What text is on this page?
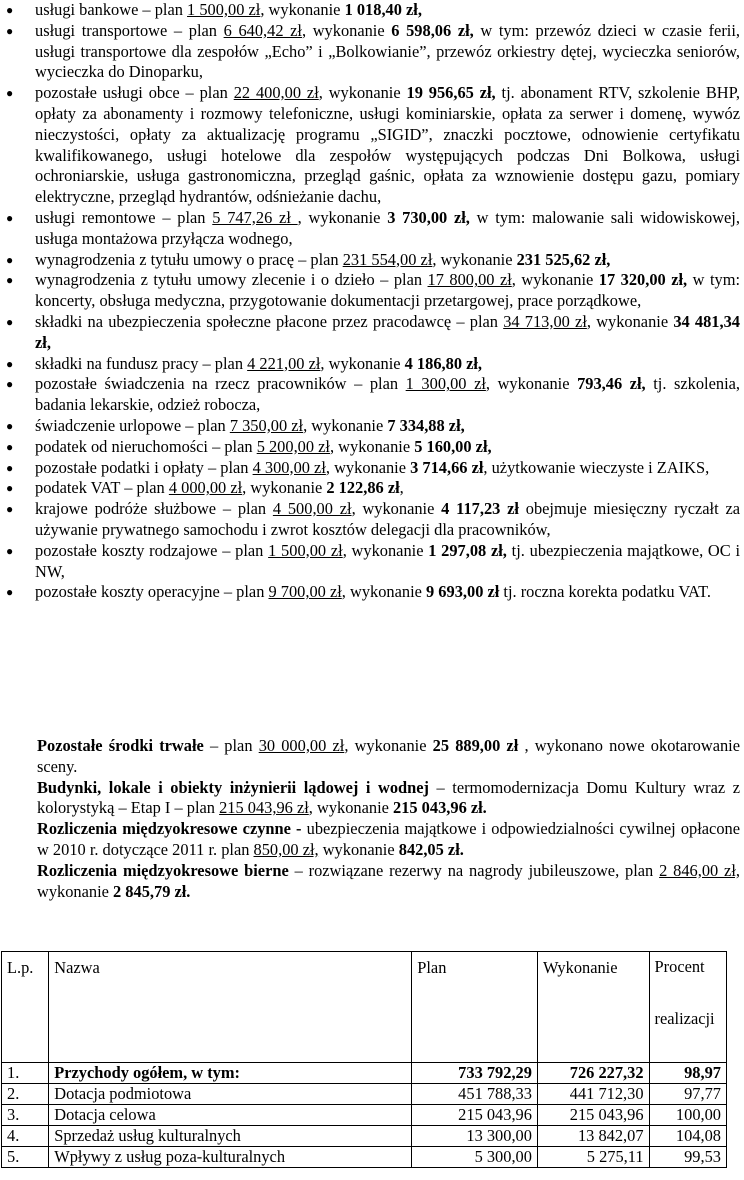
● usługi bankowe – plan 1 500,00 zł, wykonanie 1 018,40 zł,
● usługi transportowe – plan 6 640,42 zł, wykonanie 6 598,06 zł, w tym: przewóz dzieci w czasie ferii, usługi transportowe dla zespołów „Echo” i „Bolkowianie”, przewóz orkiestry dętej, wycieczka seniorów, wycieczka do Dinoparku,
● pozostałe usługi obce – plan 22 400,00 zł, wykonanie 19 956,65 zł, tj. abonament RTV, szkolenie BHP, opłaty za abonamenty i rozmowy telefoniczne, usługi kominiarskie, opłata za serwer i domenę, wywóz nieczystości, opłaty za aktualizację programu „SIGID”, znaczki pocztowe, odnowienie certyfikatu kwalifikowanego, usługi hotelowe dla zespołów występujących podczas Dni Bolkowa, usługi ochroniarskie, usługa gastronomiczna, przegląd gaśnic, opłata za wznowienie dostępu gazu, pomiary elektryczne, przegląd hydrantów, odśnieżanie dachu,
● usługi remontowe – plan 5 747,26 zł , wykonanie 3 730,00 zł, w tym: malowanie sali widowiskowej, usługa montażowa przyłącza wodnego,
● wynagrodzenia z tytułu umowy o pracę – plan 231 554,00 zł, wykonanie 231 525,62 zł,
● wynagrodzenia z tytułu umowy zlecenie i o dzieło – plan 17 800,00 zł, wykonanie 17 320,00 zł, w tym: koncerty, obsługa medyczna, przygotowanie dokumentacji przetargowej, prace porządkowe,
● składki na ubezpieczenia społeczne płacone przez pracodawcę – plan 34 713,00 zł, wykonanie 34 481,34 zł,
● składki na fundusz pracy – plan 4 221,00 zł, wykonanie 4 186,80 zł,
● pozostałe świadczenia na rzecz pracowników – plan 1 300,00 zł, wykonanie 793,46 zł, tj. szkolenia, badania lekarskie, odzież robocza,
● świadczenie urlopowe – plan 7 350,00 zł, wykonanie 7 334,88 zł,
● podatek od nieruchomości – plan 5 200,00 zł, wykonanie 5 160,00 zł,
● pozostałe podatki i opłaty – plan 4 300,00 zł, wykonanie 3 714,66 zł, użytkowanie wieczyste i ZAIKS,
● podatek VAT – plan 4 000,00 zł, wykonanie 2 122,86 zł,
● krajowe podróże służbowe – plan 4 500,00 zł, wykonanie 4 117,23 zł obejmuje miesięczny ryczałt za używanie prywatnego samochodu i zwrot kosztów delegacji dla pracowników,
● pozostałe koszty rodzajowe – plan 1 500,00 zł, wykonanie 1 297,08 zł, tj. ubezpieczenia majątkowe, OC i NW,
● pozostałe koszty operacyjne – plan 9 700,00 zł, wykonanie 9 693,00 zł tj. roczna korekta podatku VAT.

Pozostałe środki trwałe – plan 30 000,00 zł, wykonanie 25 889,00 zł , wykonano nowe okotarowanie sceny.

Budynki, lokale i obiekty inżynierii lądowej i wodnej – termomodernizacja Domu Kultury wraz z kolorystyką – Etap I – plan 215 043,96 zł, wykonanie 215 043,96 zł.

Rozliczenia międzyokresowe czynne - ubezpieczenia majątkowe i odpowiedzialności cywilnej opłacone w 2010 r. dotyczące 2011 r. plan 850,00 zł, wykonanie 842,05 zł.

Rozliczenia międzyokresowe bierne – rozwiązane rezerwy na nagrody jubileuszowe, plan 2 846,00 zł, wykonanie 2 845,79 zł.

L.p.	Nazwa	Plan	Wykonanie	Procent

realizacji
1.	Przychody ogółem, w tym:	733 792,29	726 227,32	98,97
2.	Dotacja podmiotowa	451 788,33	441 712,30	97,77
3.	Dotacja celowa	215 043,96	215 043,96	100,00
4.	Sprzedaż usług kulturalnych	13 300,00	13 842,07	104,08
5.	Wpływy z usług poza-kulturalnych	5 300,00	5 275,11	99,53
